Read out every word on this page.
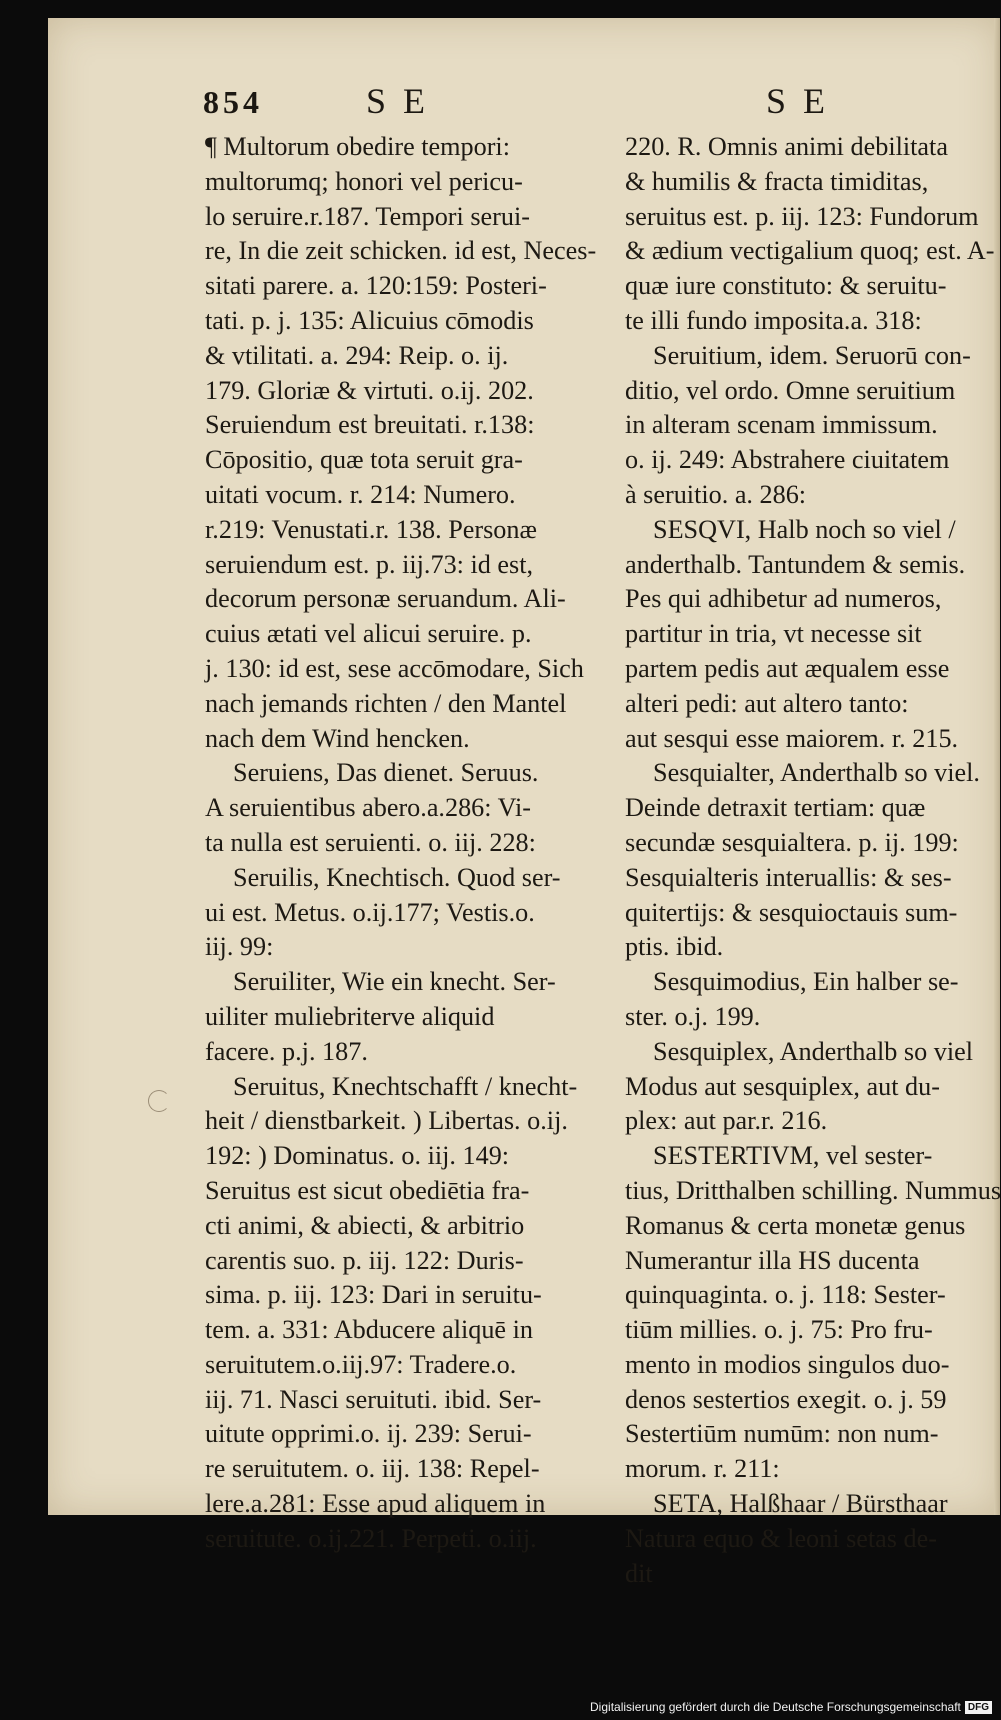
854	S E	S E
¶ Multorum obedire tempori:
multorumq; honori vel pericu-
lo seruire.r.187. Tempori serui-
re, In die zeit schicken. id est, Neces-
sitati parere. a. 120:159: Posteri-
tati. p. j. 135: Alicuius cōmodis
& vtilitati. a. 294: Reip. o. ij.
179. Gloriæ & virtuti. o.ij. 202.
Seruiendum est breuitati. r.138:
Cōpositio, quæ tota seruit gra-
uitati vocum. r. 214: Numero.
r.219: Venustati.r. 138. Personæ
seruiendum est. p. iij.73: id est,
decorum personæ seruandum. Ali-
cuius ætati vel alicui seruire. p.
j. 130: id est, sese accōmodare, Sich
nach jemands richten / den Mantel
nach dem Wind hencken.
Seruiens, Das dienet. Seruus.
A seruientibus abero.a.286: Vi-
ta nulla est seruienti. o. iij. 228:
Seruilis, Knechtisch. Quod ser-
ui est. Metus. o.ij.177; Vestis.o.
iij. 99:
Seruiliter, Wie ein knecht. Ser-
uiliter muliebriterve aliquid
facere. p.j. 187.
Seruitus, Knechtschafft / knecht-
heit / dienstbarkeit. ) Libertas. o.ij.
192: ) Dominatus. o. iij. 149:
Seruitus est sicut obediētia fra-
cti animi, & abiecti, & arbitrio
carentis suo. p. iij. 122: Duris-
sima. p. iij. 123: Dari in seruitu-
tem. a. 331: Abducere aliquē in
seruitutem.o.iij.97: Tradere.o.
iij. 71. Nasci seruituti. ibid. Ser-
uitute opprimi.o. ij. 239: Serui-
re seruitutem. o. iij. 138: Repel-
lere.a.281: Esse apud aliquem in
seruitute. o.ij.221. Perpeti. o.iij.
220. R. Omnis animi debilitata
& humilis & fracta timiditas,
seruitus est. p. iij. 123: Fundorum
& ædium vectigalium quoq; est. A-
quæ iure constituto: & seruitu-
te illi fundo imposita.a. 318:
Seruitium, idem. Seruorū con-
ditio, vel ordo. Omne seruitium
in alteram scenam immissum.
o. ij. 249: Abstrahere ciuitatem
à seruitio. a. 286:
SESQVI, Halb noch so viel /
anderthalb. Tantundem & semis.
Pes qui adhibetur ad numeros,
partitur in tria, vt necesse sit
partem pedis aut æqualem esse
alteri pedi: aut altero tanto:
aut sesqui esse maiorem. r. 215.
Sesquialter, Anderthalb so viel.
Deinde detraxit tertiam: quæ
secundæ sesquialtera. p. ij. 199:
Sesquialteris interuallis: & ses-
quitertijs: & sesquioctauis sum-
ptis. ibid.
Sesquimodius, Ein halber se-
ster. o.j. 199.
Sesquiplex, Anderthalb so viel
Modus aut sesquiplex, aut du-
plex: aut par.r. 216.
SESTERTIVM, vel sester-
tius, Dritthalben schilling. Nummus
Romanus & certa monetæ genus
Numerantur illa HS ducenta
quinquaginta. o. j. 118: Sester-
tiūm millies. o. j. 75: Pro fru-
mento in modios singulos duo-
denos sestertios exegit. o. j. 59
Sestertiūm numūm: non num-
morum. r. 211:
SETA, Halßhaar / Bürsthaar
Natura equo & leoni setas de-
dit
Digitalisierung gefördert durch die Deutsche Forschungsgemeinschaft DFG
